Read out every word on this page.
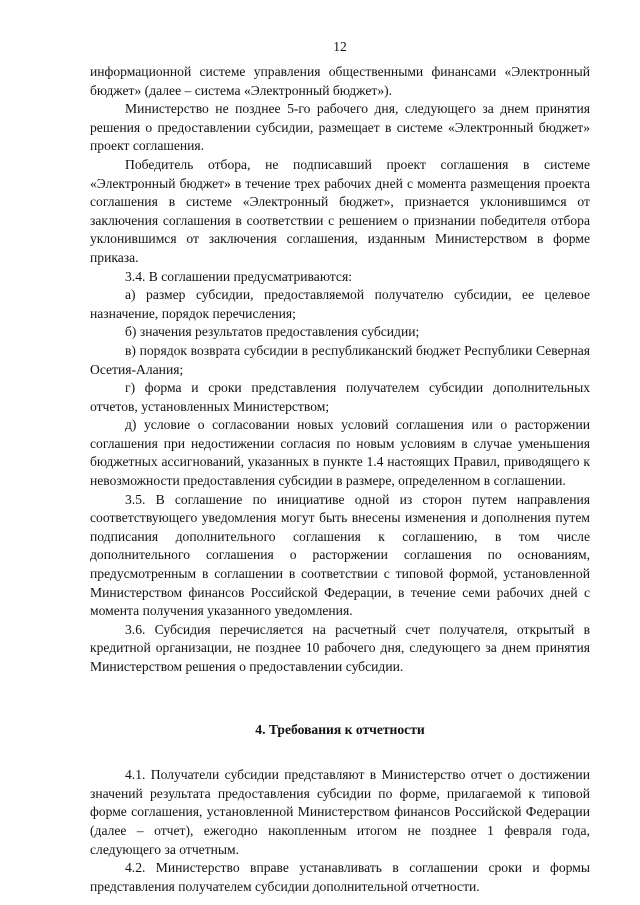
12

информационной системе управления общественными финансами «Электронный бюджет» (далее – система «Электронный бюджет»).

Министерство не позднее 5-го рабочего дня, следующего за днем принятия решения о предоставлении субсидии, размещает в системе «Электронный бюджет» проект соглашения.

Победитель отбора, не подписавший проект соглашения в системе «Электронный бюджет» в течение трех рабочих дней с момента размещения проекта соглашения в системе «Электронный бюджет», признается уклонившимся от заключения соглашения в соответствии с решением о признании победителя отбора уклонившимся от заключения соглашения, изданным Министерством в форме приказа.

3.4. В соглашении предусматриваются:

а) размер субсидии, предоставляемой получателю субсидии, ее целевое назначение, порядок перечисления;

б) значения результатов предоставления субсидии;

в) порядок возврата субсидии в республиканский бюджет Республики Северная Осетия-Алания;

г) форма и сроки представления получателем субсидии дополнительных отчетов, установленных Министерством;

д) условие о согласовании новых условий соглашения или о расторжении соглашения при недостижении согласия по новым условиям в случае уменьшения бюджетных ассигнований, указанных в пункте 1.4 настоящих Правил, приводящего к невозможности предоставления субсидии в размере, определенном в соглашении.

3.5. В соглашение по инициативе одной из сторон путем направления соответствующего уведомления могут быть внесены изменения и дополнения путем подписания дополнительного соглашения к соглашению, в том числе дополнительного соглашения о расторжении соглашения по основаниям, предусмотренным в соглашении в соответствии с типовой формой, установленной Министерством финансов Российской Федерации, в течение семи рабочих дней с момента получения указанного уведомления.

3.6. Субсидия перечисляется на расчетный счет получателя, открытый в кредитной организации, не позднее 10 рабочего дня, следующего за днем принятия Министерством решения о предоставлении субсидии.

4. Требования к отчетности

4.1. Получатели субсидии представляют в Министерство отчет о достижении значений результата предоставления субсидии по форме, прилагаемой к типовой форме соглашения, установленной Министерством финансов Российской Федерации (далее – отчет), ежегодно накопленным итогом не позднее 1 февраля года, следующего за отчетным.

4.2. Министерство вправе устанавливать в соглашении сроки и формы представления получателем субсидии дополнительной отчетности.
